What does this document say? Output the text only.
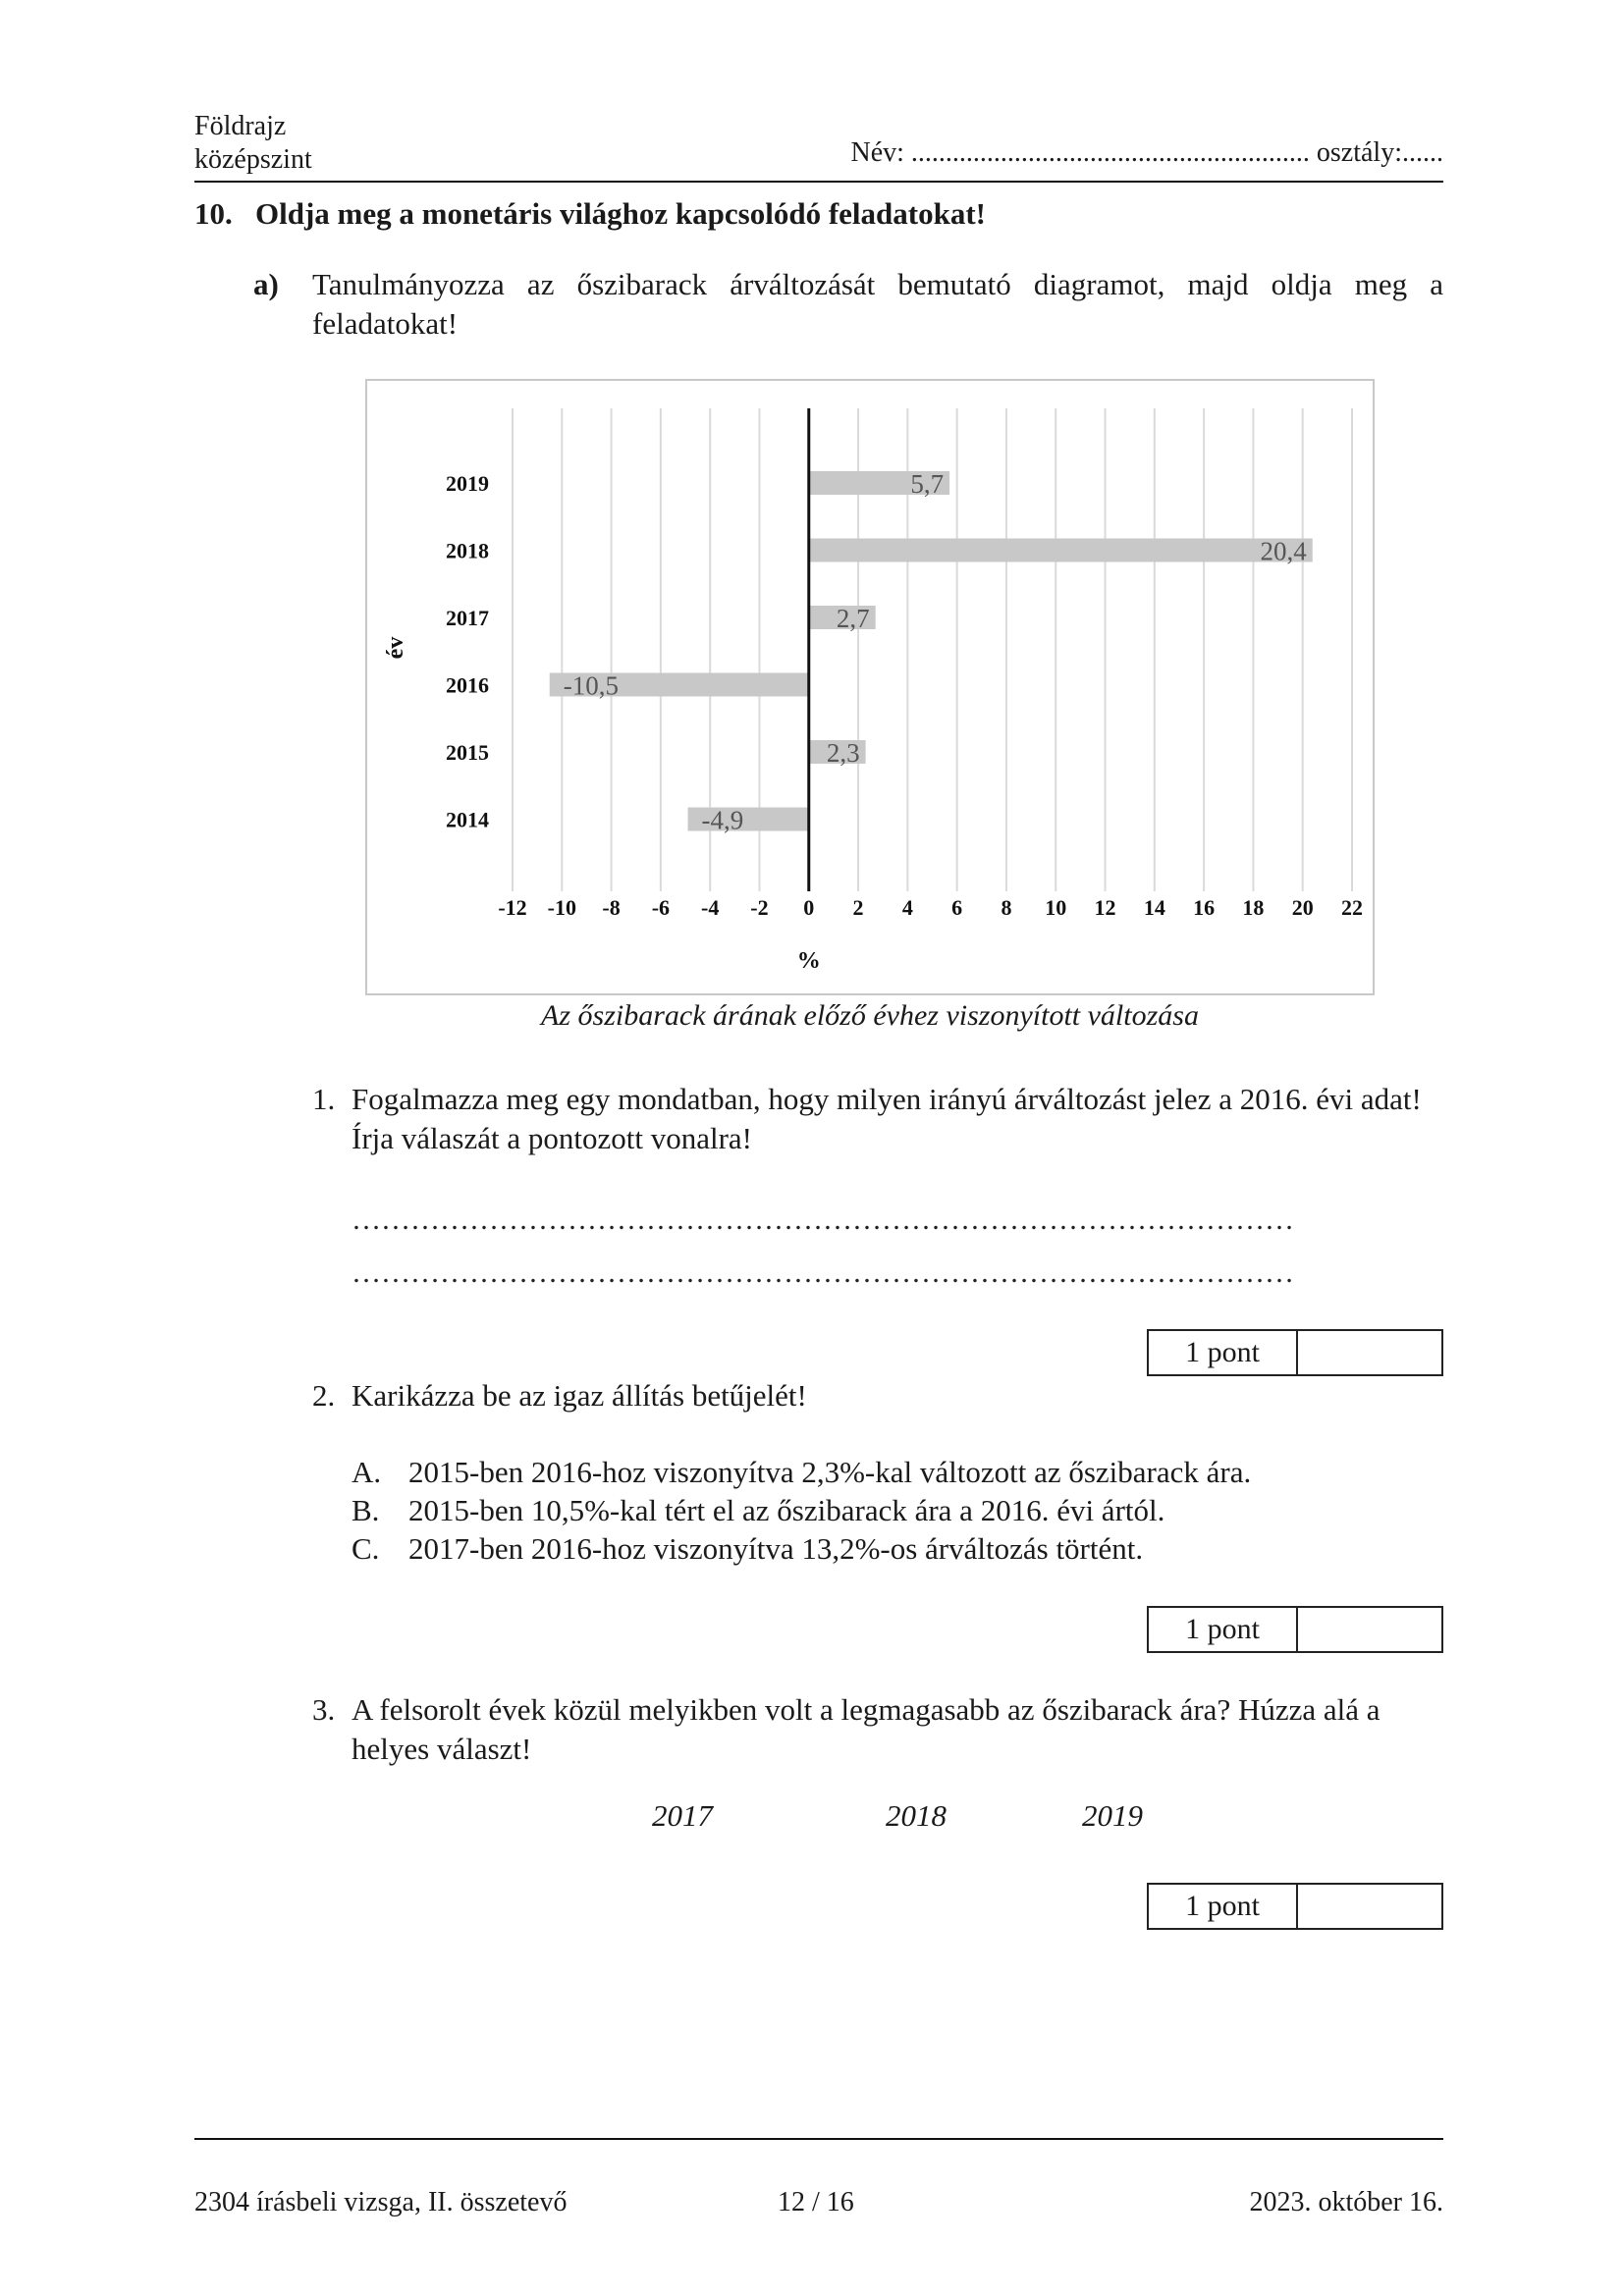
Földrajz
középszint	Név: .......................................................... osztály:......
10. Oldja meg a monetáris világhoz kapcsolódó feladatokat!
a) Tanulmányozza az őszibarack árváltozását bemutató diagramot, majd oldja meg a feladatokat!
5,7
2019
20,4
2018
2,7
2017
-10,5
2016
2,3
2015
-4,9
2014
-12 -10 -8 -6 -4 -2 0 2 4 6 8 10 12 14 16 18 20 22
%
év
Az őszibarack árának előző évhez viszonyított változása
1. Fogalmazza meg egy mondatban, hogy milyen irányú árváltozást jelez a 2016. évi adat! Írja válaszát a pontozott vonalra!
……………………………………………………………………………………
……………………………………………………………………………………
1 pont
2. Karikázza be az igaz állítás betűjelét!
A. 2015-ben 2016-hoz viszonyítva 2,3%-kal változott az őszibarack ára.
B. 2015-ben 10,5%-kal tért el az őszibarack ára a 2016. évi ártól.
C. 2017-ben 2016-hoz viszonyítva 13,2%-os árváltozás történt.
1 pont
3. A felsorolt évek közül melyikben volt a legmagasabb az őszibarack ára? Húzza alá a helyes választ!
2017	2018	2019
1 pont
2304 írásbeli vizsga, II. összetevő	12 / 16	2023. október 16.
